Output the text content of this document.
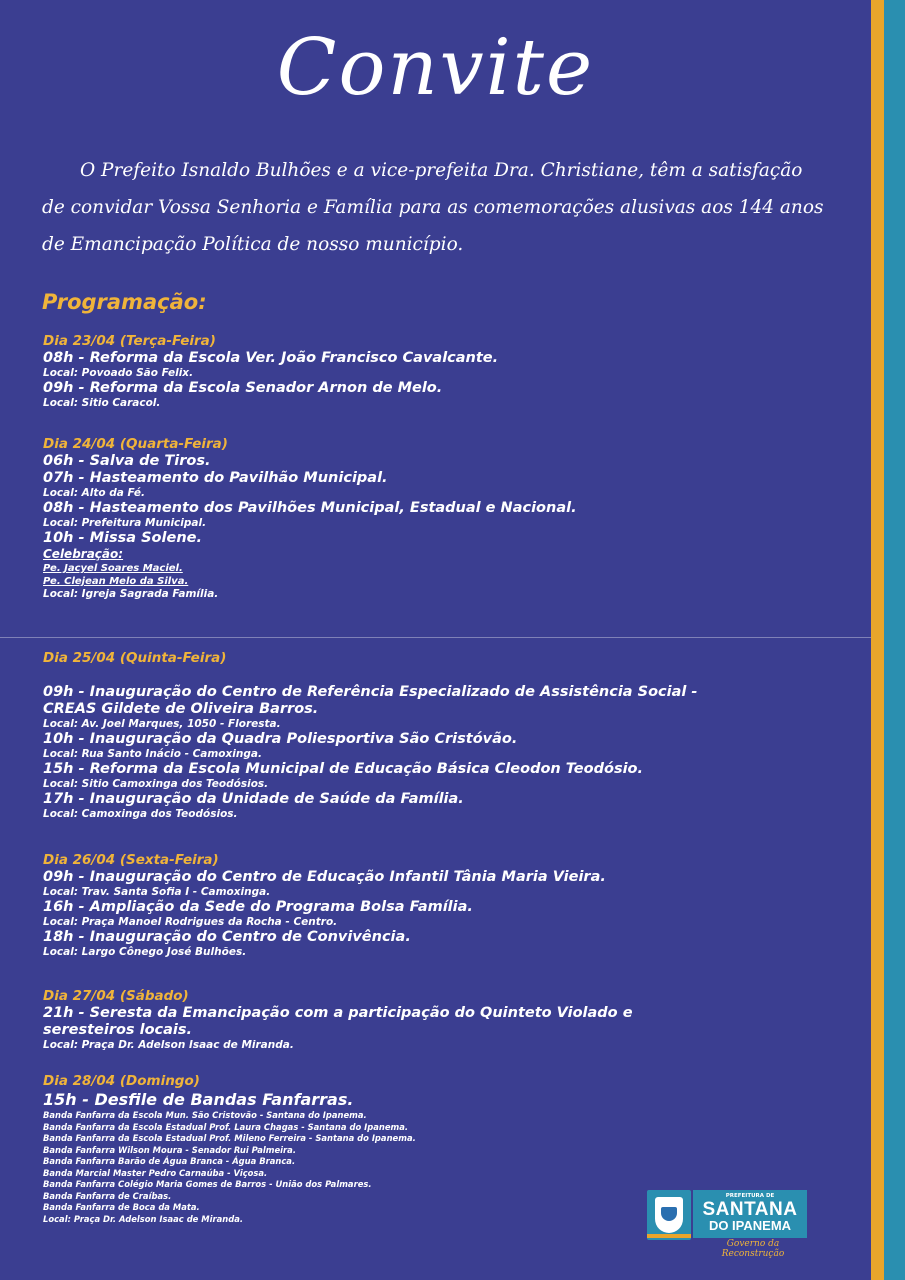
Convite
O Prefeito Isnaldo Bulhões e a vice-prefeita Dra. Christiane, têm a satisfação
de convidar Vossa Senhoria e Família para as comemorações alusivas aos 144 anos
de Emancipação Política de nosso município.
Programação:
Dia 23/04 (Terça-Feira)
08h - Reforma da Escola Ver. João Francisco Cavalcante.
Local: Povoado São Felix.
09h - Reforma da Escola Senador Arnon de Melo.
Local: Sitio Caracol.
Dia 24/04 (Quarta-Feira)
06h - Salva de Tiros.
07h - Hasteamento do Pavilhão Municipal.
Local: Alto da Fé.
08h - Hasteamento dos Pavilhões Municipal, Estadual e Nacional.
Local: Prefeitura Municipal.
10h - Missa Solene.
Celebração:
Pe. Jacyel Soares Maciel.
Pe. Clejean Melo da Silva.
Local: Igreja Sagrada Família.
Dia 25/04 (Quinta-Feira)
09h - Inauguração do Centro de Referência Especializado de Assistência Social -
CREAS Gildete de Oliveira Barros.
Local: Av. Joel Marques, 1050 - Floresta.
10h - Inauguração da Quadra Poliesportiva São Cristóvão.
Local: Rua Santo Inácio - Camoxinga.
15h - Reforma da Escola Municipal de Educação Básica Cleodon Teodósio.
Local: Sitio Camoxinga dos Teodósios.
17h - Inauguração da Unidade de Saúde da Família.
Local: Camoxinga dos Teodósios.
Dia 26/04 (Sexta-Feira)
09h - Inauguração do Centro de Educação Infantil Tânia Maria Vieira.
Local: Trav. Santa Sofia I - Camoxinga.
16h - Ampliação da Sede do Programa Bolsa Família.
Local: Praça Manoel Rodrigues da Rocha - Centro.
18h - Inauguração do Centro de Convivência.
Local: Largo Cônego José Bulhões.
Dia 27/04 (Sábado)
21h - Seresta da Emancipação com a participação do Quinteto Violado e
seresteiros locais.
Local: Praça Dr. Adelson Isaac de Miranda.
Dia 28/04 (Domingo)
15h - Desfile de Bandas Fanfarras.
Banda Fanfarra da Escola Mun. São Cristovão - Santana do Ipanema.
Banda Fanfarra da Escola Estadual Prof. Laura Chagas - Santana do Ipanema.
Banda Fanfarra da Escola Estadual Prof. Mileno Ferreira - Santana do Ipanema.
Banda Fanfarra Wilson Moura - Senador Rui Palmeira.
Banda Fanfarra Barão de Água Branca - Água Branca.
Banda Marcial Master Pedro Carnaúba - Viçosa.
Banda Fanfarra Colégio Maria Gomes de Barros - União dos Palmares.
Banda Fanfarra de Craíbas.
Banda Fanfarra de Boca da Mata.
Local: Praça Dr. Adelson Isaac de Miranda.
PREFEITURA DE
SANTANA
DO IPANEMA
Governo da Reconstrução
